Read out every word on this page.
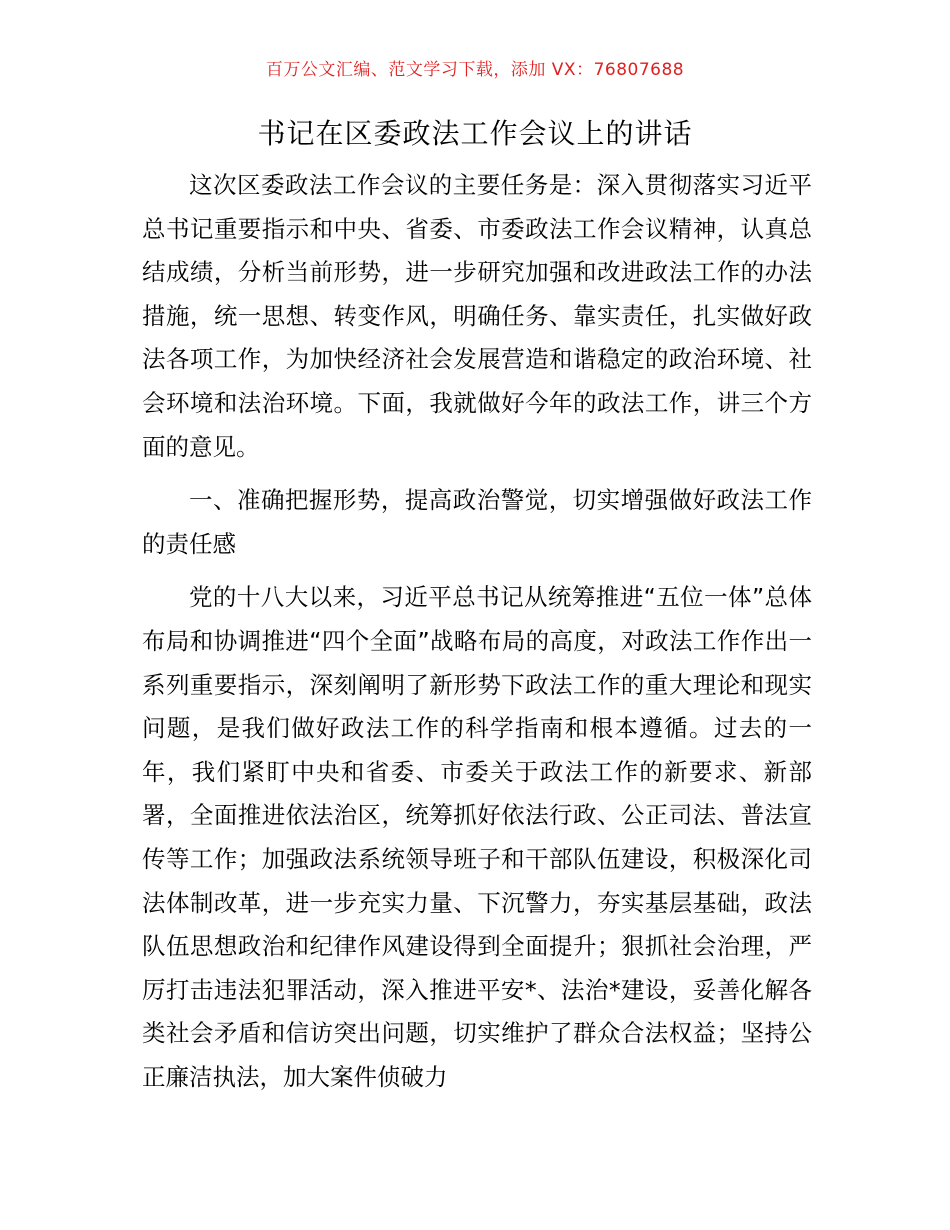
百万公文汇编、范文学习下载，添加 VX：76807688
书记在区委政法工作会议上的讲话

这次区委政法工作会议的主要任务是：深入贯彻落实习近平总书记重要指示和中央、省委、市委政法工作会议精神，认真总结成绩，分析当前形势，进一步研究加强和改进政法工作的办法措施，统一思想、转变作风，明确任务、靠实责任，扎实做好政法各项工作，为加快经济社会发展营造和谐稳定的政治环境、社会环境和法治环境。下面，我就做好今年的政法工作，讲三个方面的意见。

一、准确把握形势，提高政治警觉，切实增强做好政法工作的责任感

党的十八大以来，习近平总书记从统筹推进“五位一体”总体布局和协调推进“四个全面”战略布局的高度，对政法工作作出一系列重要指示，深刻阐明了新形势下政法工作的重大理论和现实问题，是我们做好政法工作的科学指南和根本遵循。过去的一年，我们紧盯中央和省委、市委关于政法工作的新要求、新部署，全面推进依法治区，统筹抓好依法行政、公正司法、普法宣传等工作；加强政法系统领导班子和干部队伍建设，积极深化司法体制改革，进一步充实力量、下沉警力，夯实基层基础，政法队伍思想政治和纪律作风建设得到全面提升；狠抓社会治理，严厉打击违法犯罪活动，深入推进平安*、法治*建设，妥善化解各类社会矛盾和信访突出问题，切实维护了群众合法权益；坚持公正廉洁执法，加大案件侦破力
